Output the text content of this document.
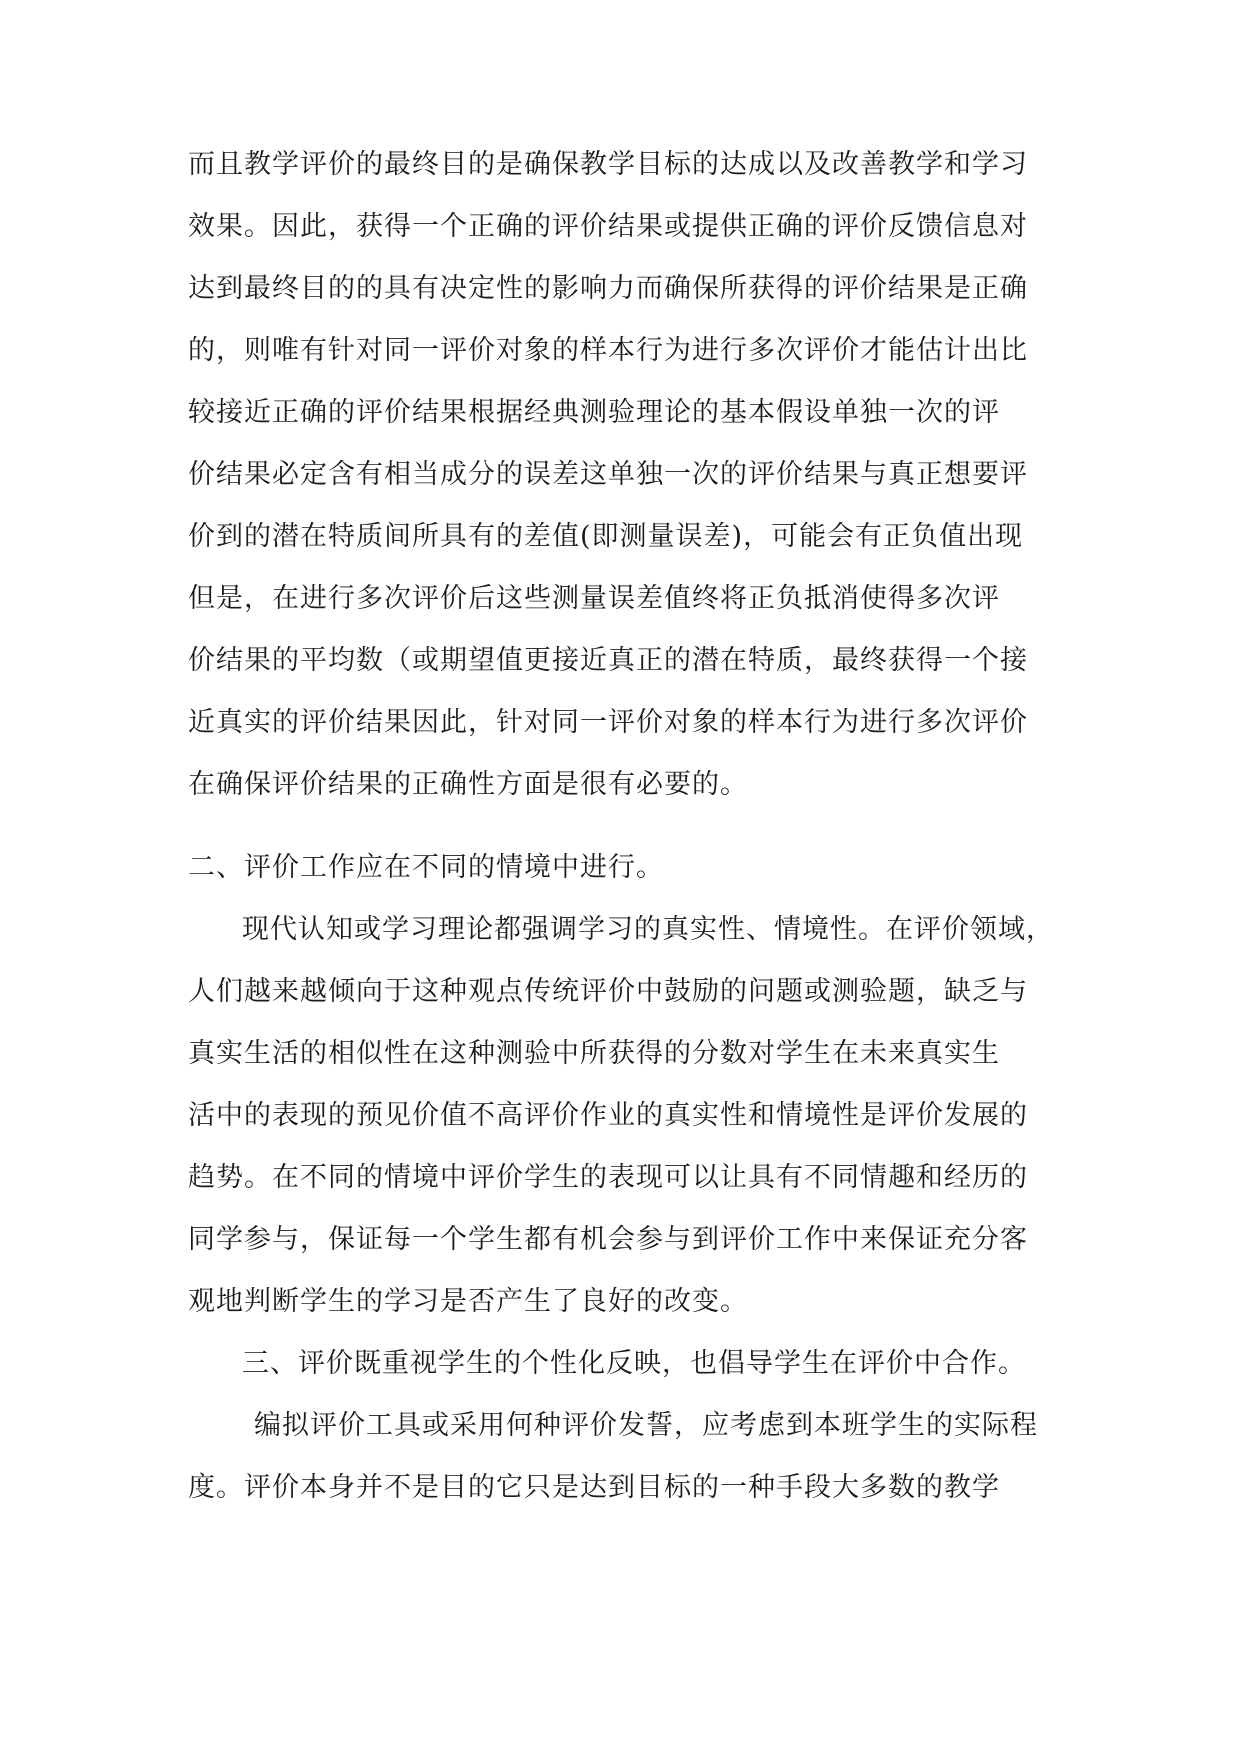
而且教学评价的最终目的是确保教学目标的达成以及改善教学和学习
效果。因此，获得一个正确的评价结果或提供正确的评价反馈信息对
达到最终目的的具有决定性的影响力而确保所获得的评价结果是正确
的，则唯有针对同一评价对象的样本行为进行多次评价才能估计出比
较接近正确的评价结果根据经典测验理论的基本假设单独一次的评
价结果必定含有相当成分的误差这单独一次的评价结果与真正想要评
价到的潜在特质间所具有的差值(即测量误差)，可能会有正负值出现
但是，在进行多次评价后这些测量误差值终将正负抵消使得多次评
价结果的平均数（或期望值更接近真正的潜在特质，最终获得一个接
近真实的评价结果因此，针对同一评价对象的样本行为进行多次评价
在确保评价结果的正确性方面是很有必要的。
二、评价工作应在不同的情境中进行。
现代认知或学习理论都强调学习的真实性、情境性。在评价领域，
人们越来越倾向于这种观点传统评价中鼓励的问题或测验题，缺乏与
真实生活的相似性在这种测验中所获得的分数对学生在未来真实生
活中的表现的预见价值不高评价作业的真实性和情境性是评价发展的
趋势。在不同的情境中评价学生的表现可以让具有不同情趣和经历的
同学参与，保证每一个学生都有机会参与到评价工作中来保证充分客
观地判断学生的学习是否产生了良好的改变。
三、评价既重视学生的个性化反映，也倡导学生在评价中合作。
编拟评价工具或采用何种评价发誓，应考虑到本班学生的实际程
度。评价本身并不是目的它只是达到目标的一种手段大多数的教学
